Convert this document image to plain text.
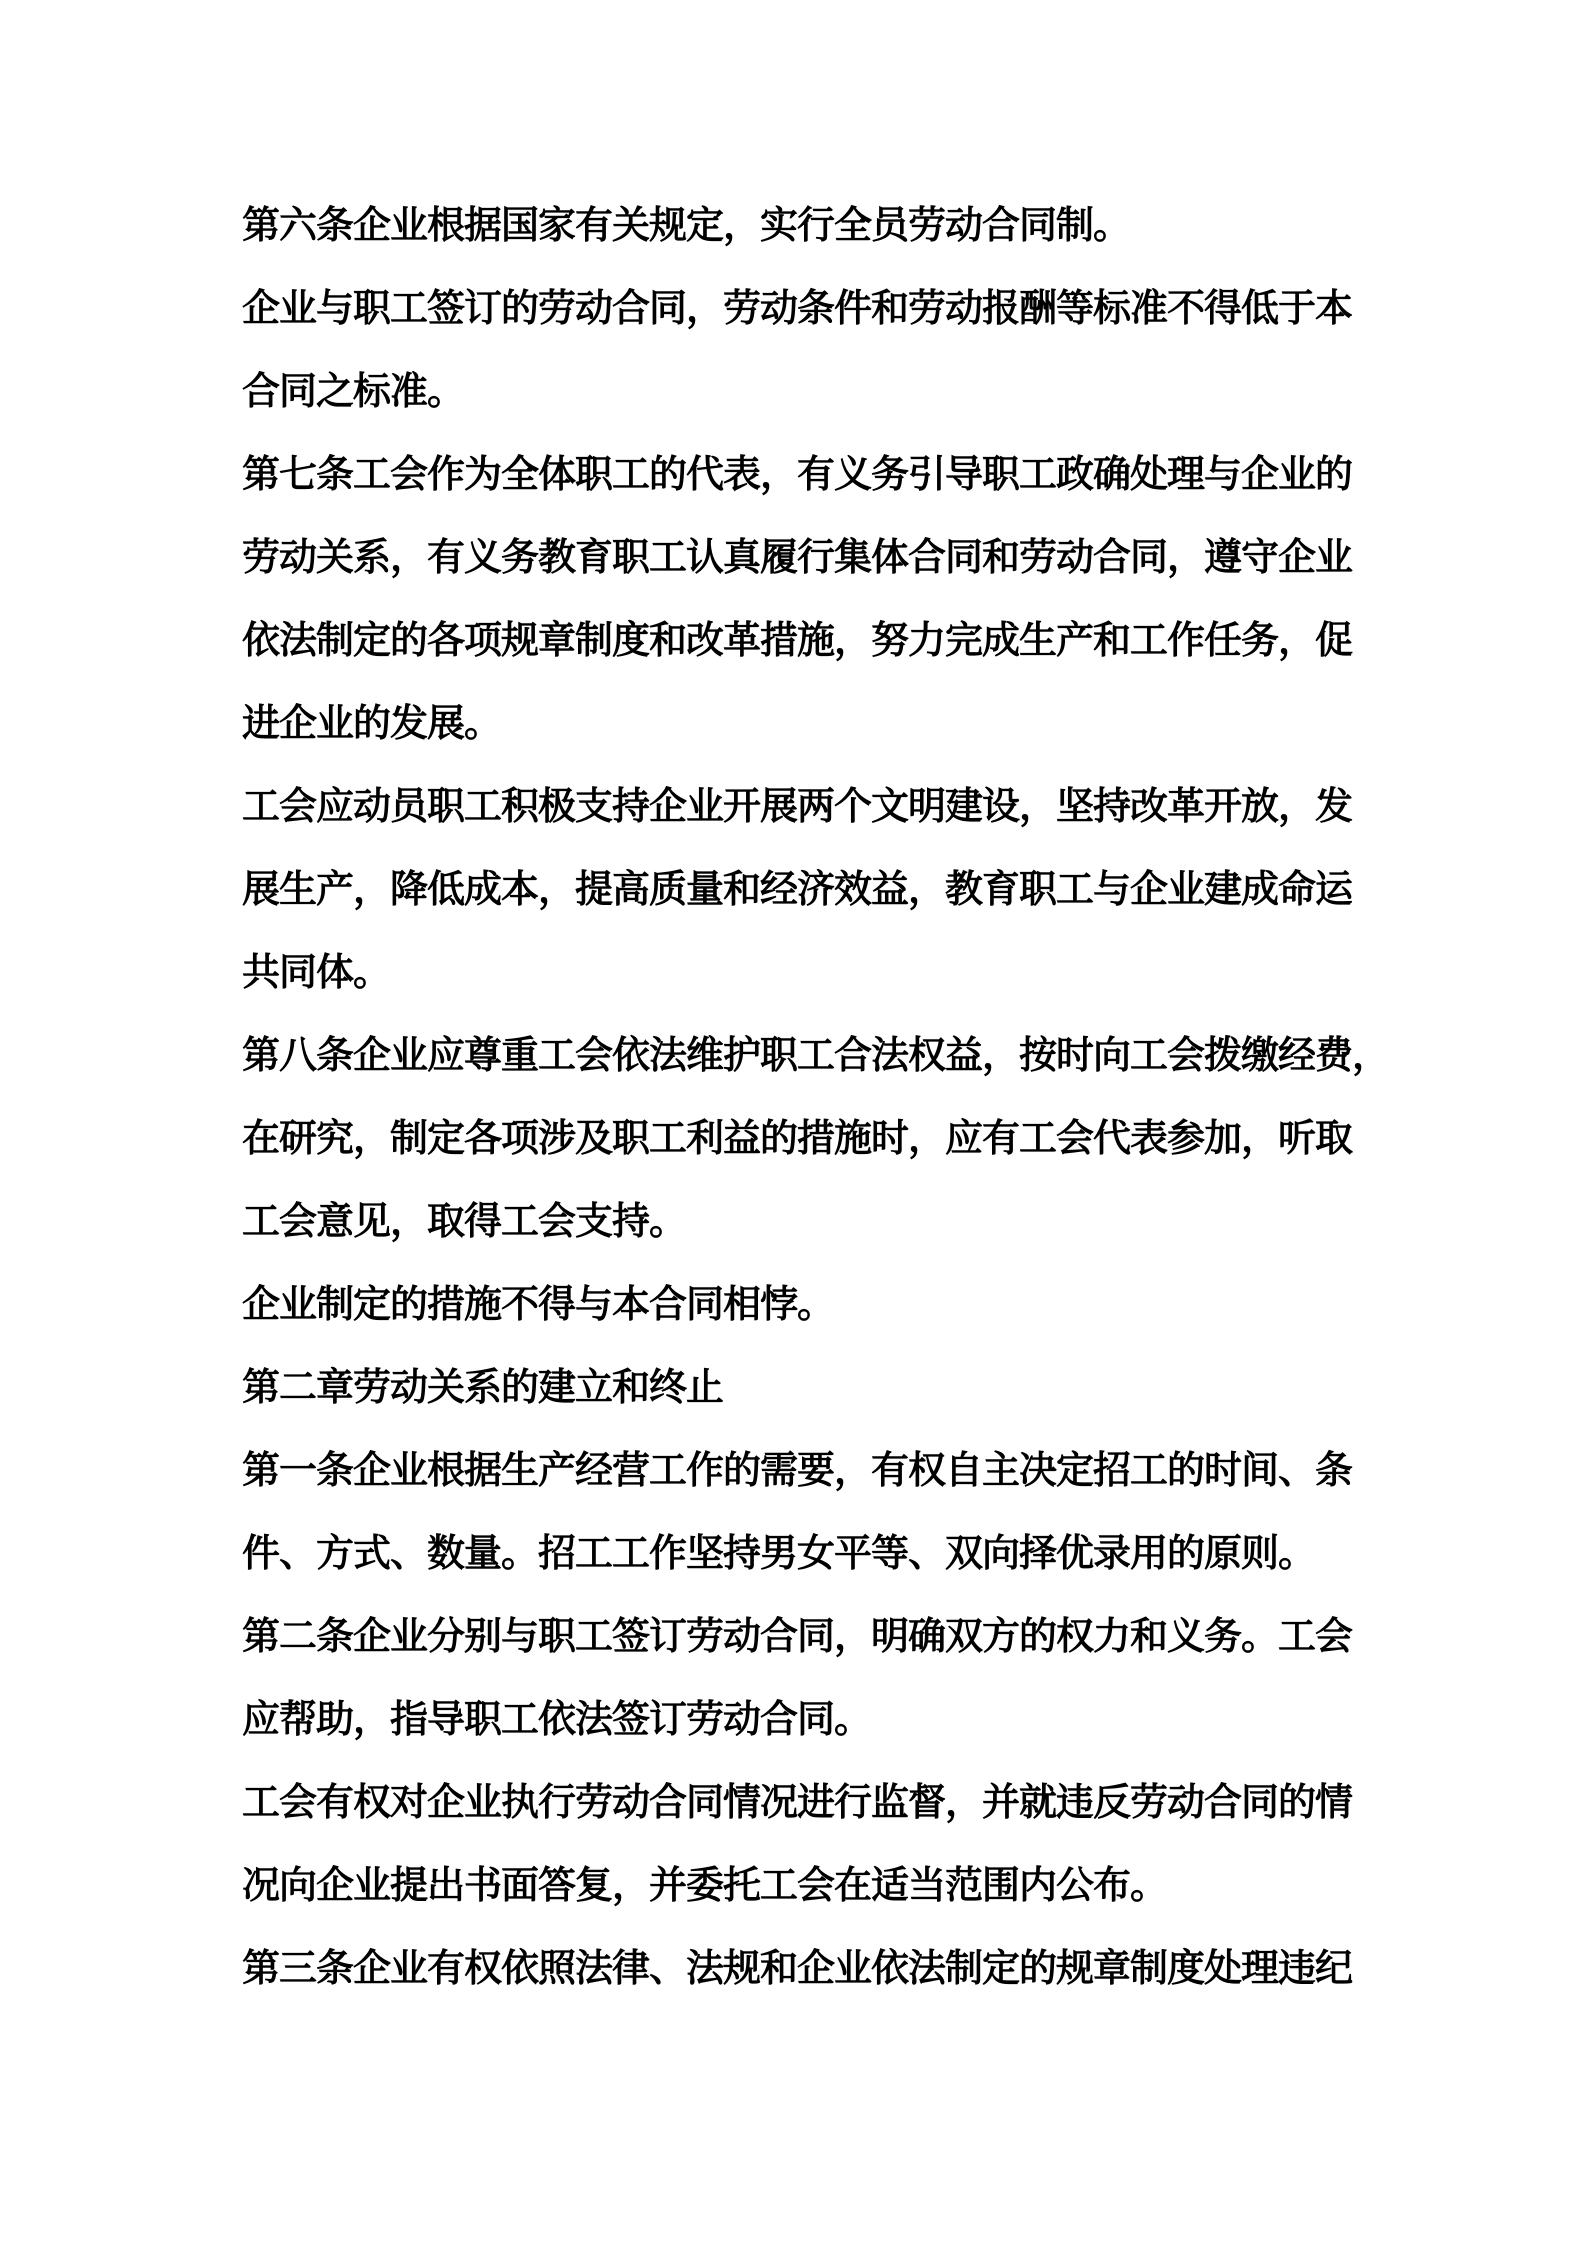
第六条企业根据国家有关规定，实行全员劳动合同制。

企业与职工签订的劳动合同，劳动条件和劳动报酬等标准不得低于本

合同之标准。

第七条工会作为全体职工的代表，有义务引导职工政确处理与企业的

劳动关系，有义务教育职工认真履行集体合同和劳动合同，遵守企业

依法制定的各项规章制度和改革措施，努力完成生产和工作任务，促

进企业的发展。

工会应动员职工积极支持企业开展两个文明建设，坚持改革开放，发

展生产，降低成本，提高质量和经济效益，教育职工与企业建成命运

共同体。

第八条企业应尊重工会依法维护职工合法权益，按时向工会拨缴经费，

在研究，制定各项涉及职工利益的措施时，应有工会代表参加，听取

工会意见，取得工会支持。

企业制定的措施不得与本合同相悖。

第二章劳动关系的建立和终止

第一条企业根据生产经营工作的需要，有权自主决定招工的时间、条

件、方式、数量。招工工作坚持男女平等、双向择优录用的原则。

第二条企业分别与职工签订劳动合同，明确双方的权力和义务。工会

应帮助，指导职工依法签订劳动合同。

工会有权对企业执行劳动合同情况进行监督，并就违反劳动合同的情

况向企业提出书面答复，并委托工会在适当范围内公布。

第三条企业有权依照法律、法规和企业依法制定的规章制度处理违纪
